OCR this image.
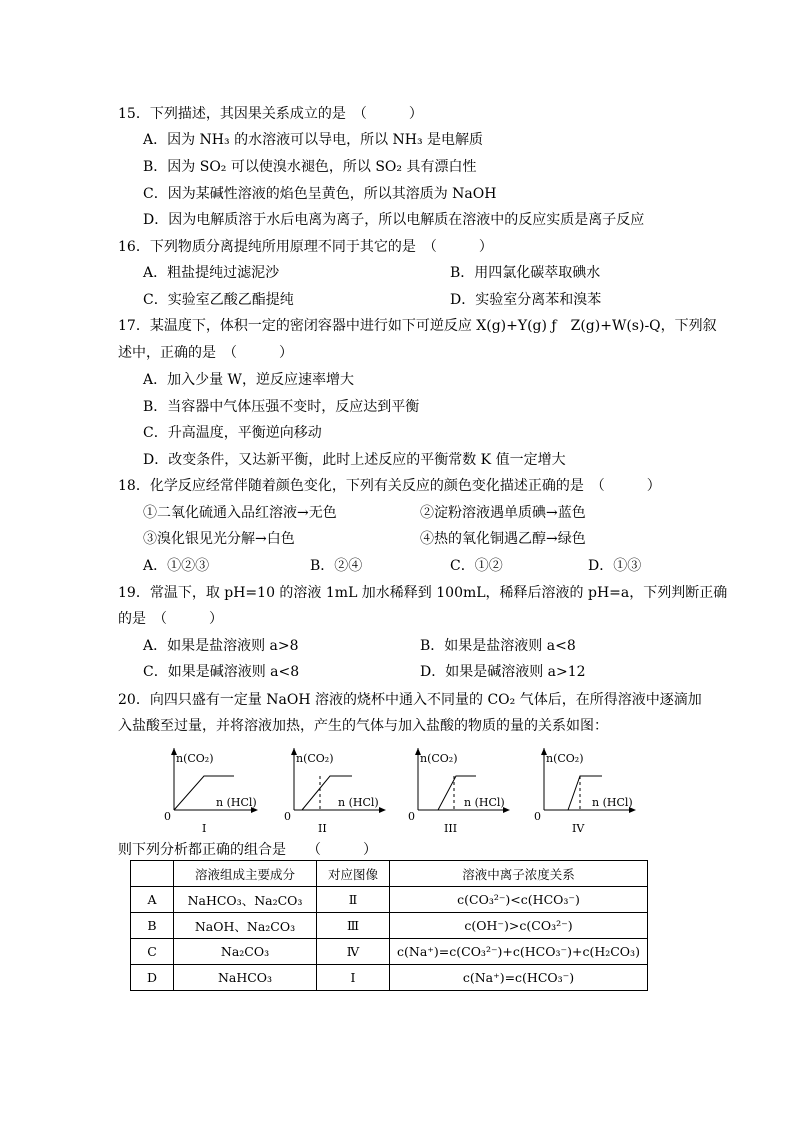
15．下列描述，其因果关系成立的是　（　　　）
A．因为 NH₃ 的水溶液可以导电，所以 NH₃ 是电解质
B．因为 SO₂ 可以使溴水褪色，所以 SO₂ 具有漂白性
C．因为某碱性溶液的焰色呈黄色，所以其溶质为 NaOH
D．因为电解质溶于水后电离为离子，所以电解质在溶液中的反应实质是离子反应
16．下列物质分离提纯所用原理不同于其它的是　（　　　）
A．粗盐提纯过滤泥沙	B．用四氯化碳萃取碘水
C．实验室乙酸乙酯提纯	D．实验室分离苯和溴苯
17．某温度下，体积一定的密闭容器中进行如下可逆反应 X(g)+Y(g) ƒ　Z(g)+W(s)-Q，下列叙
述中，正确的是　（　　　）
A．加入少量 W，逆反应速率增大
B．当容器中气体压强不变时，反应达到平衡
C．升高温度，平衡逆向移动
D．改变条件，又达新平衡，此时上述反应的平衡常数 K 值一定增大
18．化学反应经常伴随着颜色变化，下列有关反应的颜色变化描述正确的是　（　　　）
①二氧化硫通入品红溶液→无色	②淀粉溶液遇单质碘→蓝色
③溴化银见光分解→白色	④热的氧化铜遇乙醇→绿色
A．①②③	B．②④	C．①②	D．①③
19．常温下，取 pH=10 的溶液 1mL 加水稀释到 100mL，稀释后溶液的 pH=a，下列判断正确
的是　（　　　）
A．如果是盐溶液则 a>8	B．如果是盐溶液则 a<8
C．如果是碱溶液则 a<8	D．如果是碱溶液则 a>12
20．向四只盛有一定量 NaOH 溶液的烧杯中通入不同量的 CO₂ 气体后，在所得溶液中逐滴加
入盐酸至过量，并将溶液加热，产生的气体与加入盐酸的物质的量的关系如图：
n(CO₂)
n (HCl)
0
I
n(CO₂)
n (HCl)
0
II
n(CO₂)
n (HCl)
0
III
n(CO₂)
n (HCl)
0
IV
则下列分析都正确的组合是　　（　　　）
	溶液组成主要成分	对应图像	溶液中离子浓度关系
A	NaHCO₃、Na₂CO₃	Ⅱ	c(CO₃²⁻)<c(HCO₃⁻)
B	NaOH、Na₂CO₃	Ⅲ	c(OH⁻)>c(CO₃²⁻)
C	Na₂CO₃	Ⅳ	c(Na⁺)=c(CO₃²⁻)+c(HCO₃⁻)+c(H₂CO₃)
D	NaHCO₃	I	c(Na⁺)=c(HCO₃⁻)
